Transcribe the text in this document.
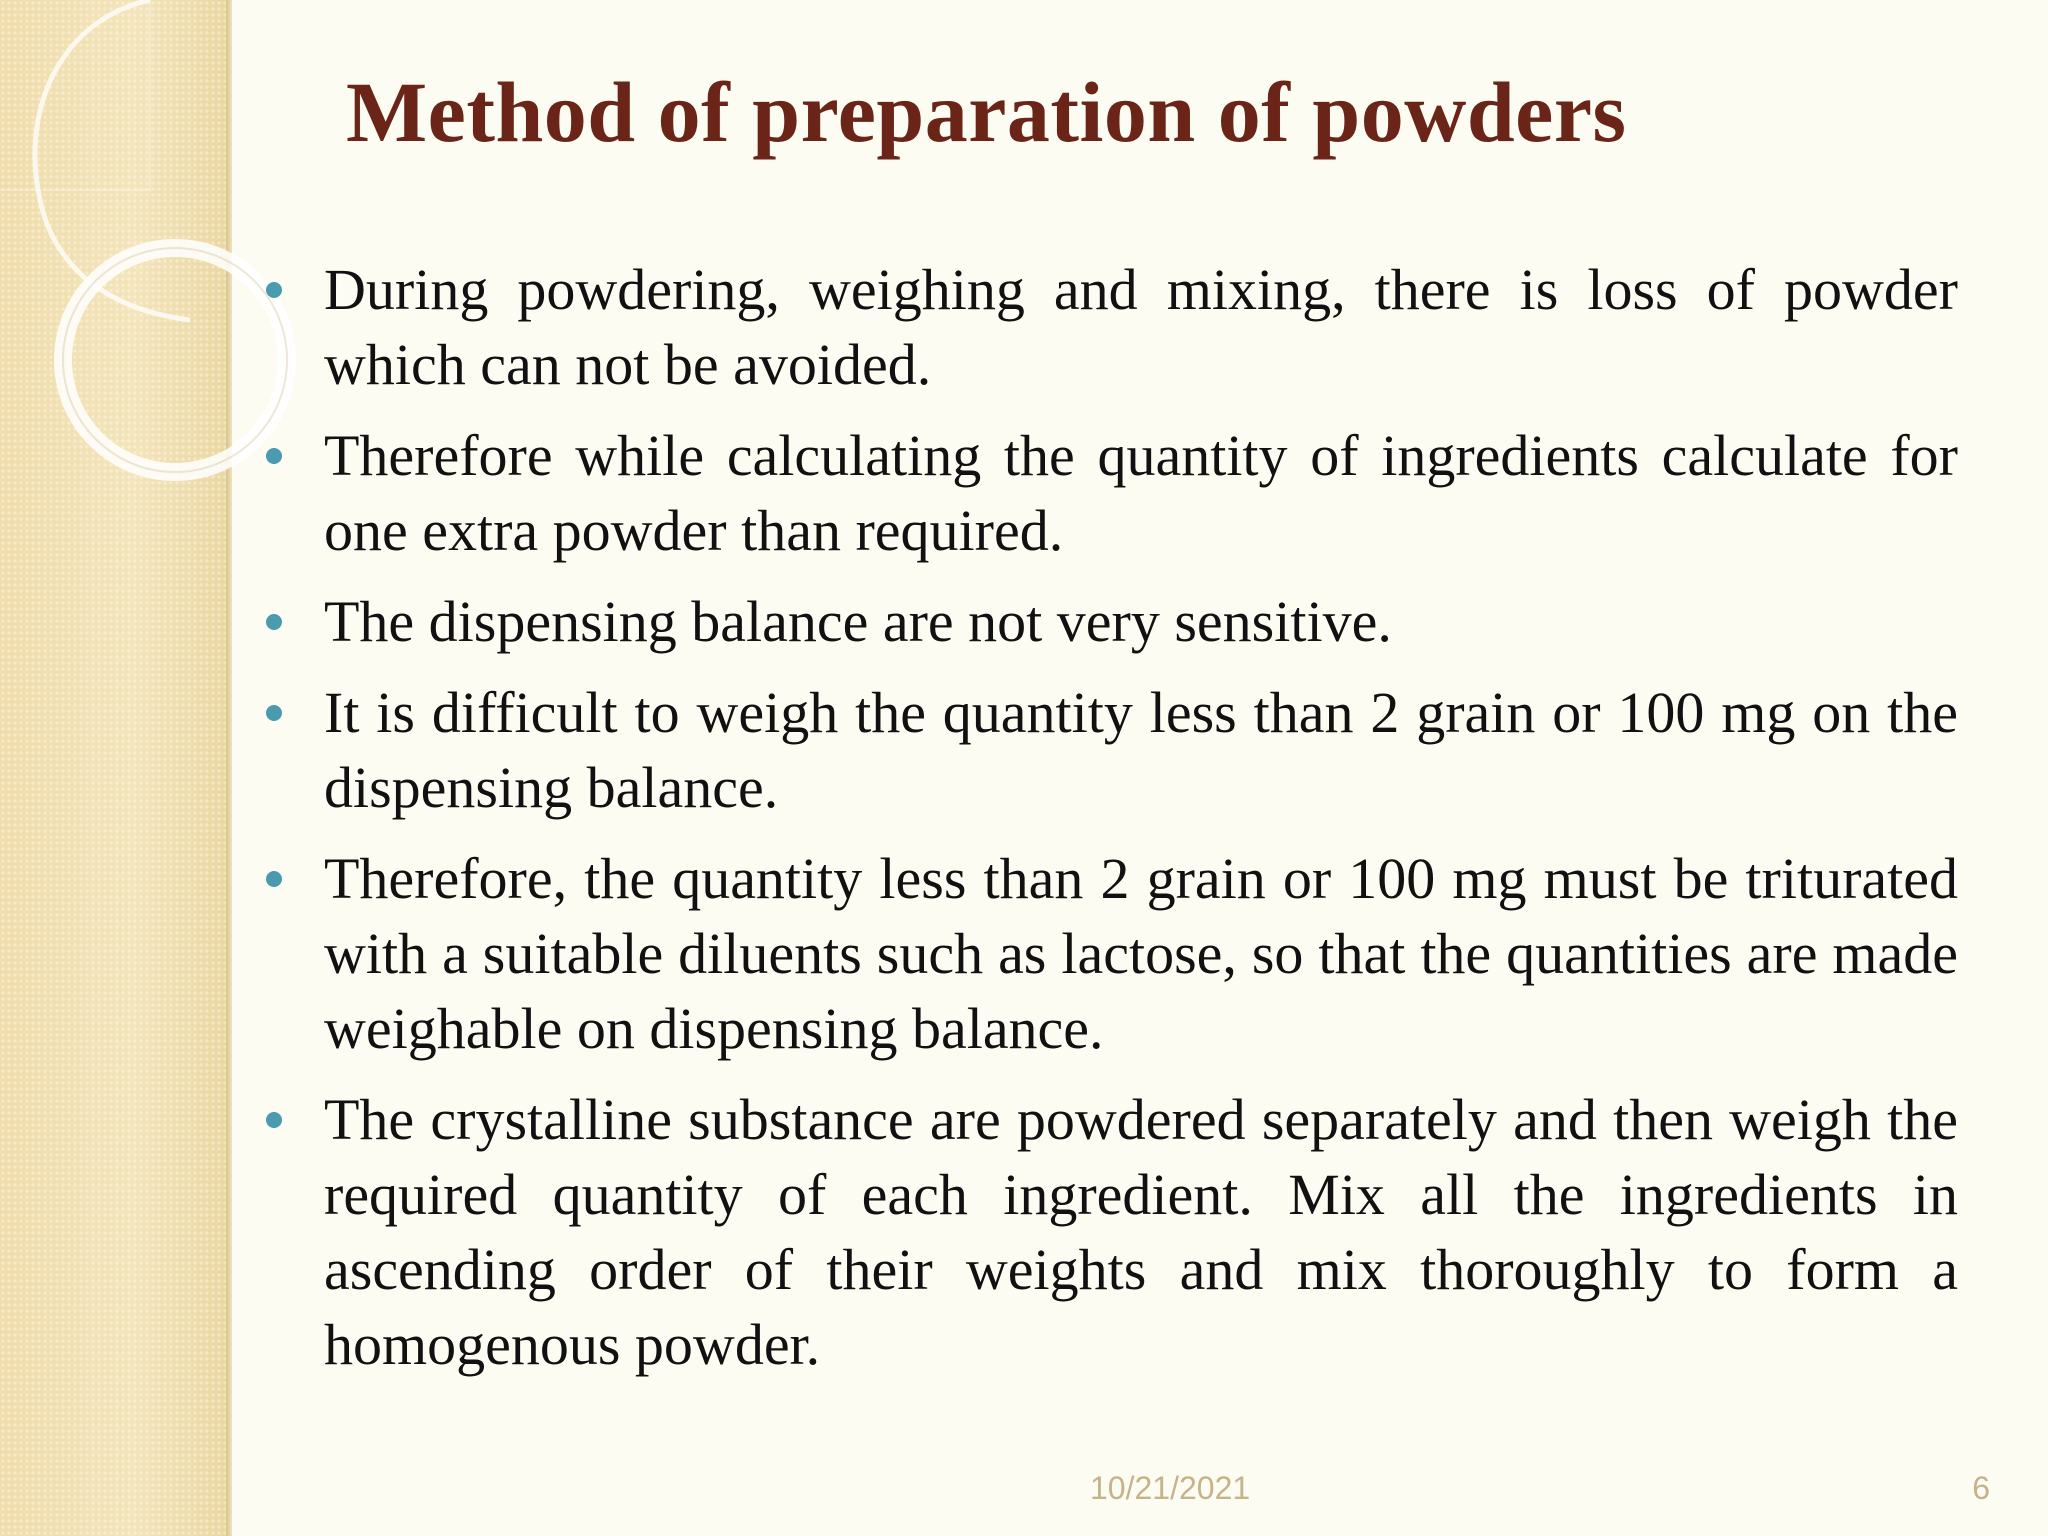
Method of preparation of powders
During powdering, weighing and mixing, there is loss of powder which can not be avoided.
Therefore while calculating the quantity of ingredients calculate for one extra powder than required.
The dispensing balance are not very sensitive.
It is difficult to weigh the quantity less than 2 grain or 100 mg on the dispensing balance.
Therefore, the quantity less than 2 grain or 100 mg must be triturated with a suitable diluents such as lactose, so that the quantities are made weighable on dispensing balance.
The crystalline substance are powdered separately and then weigh the required quantity of each ingredient. Mix all the ingredients in ascending order of their weights and mix thoroughly to form a homogenous powder.
10/21/2021	6
